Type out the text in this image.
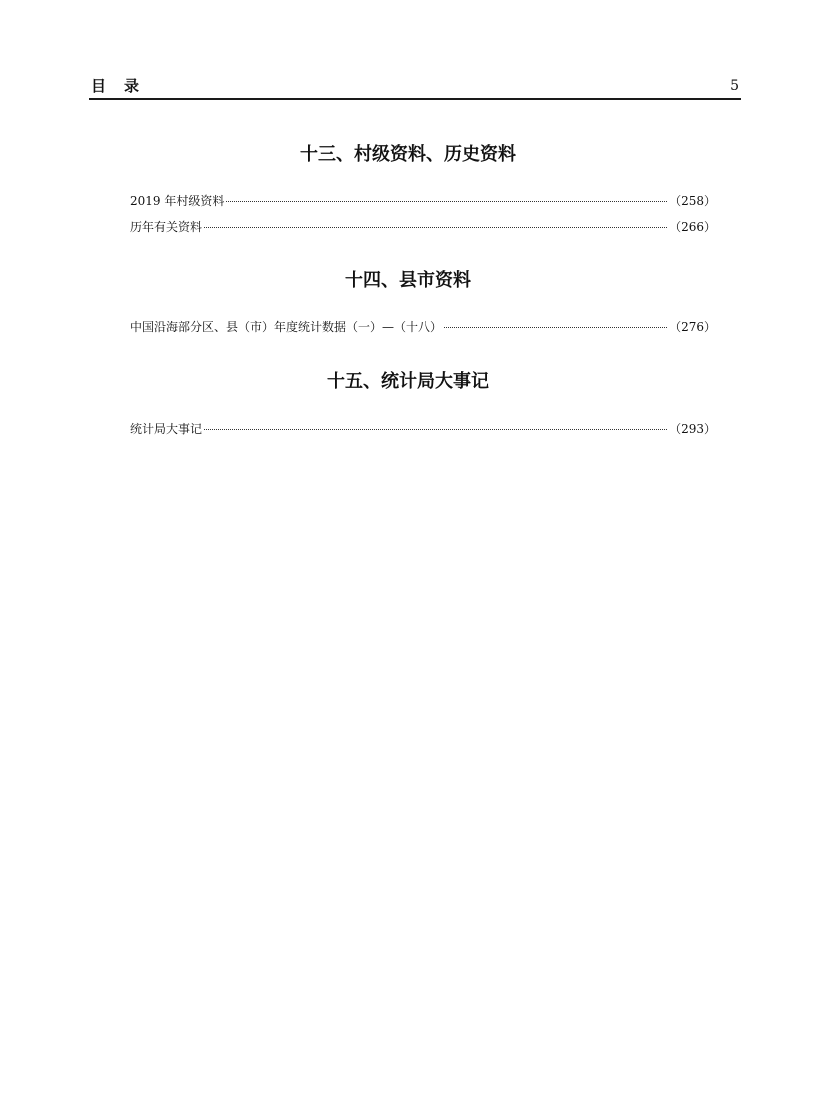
目录	5
十三、村级资料、历史资料
2019 年村级资料	（258）
历年有关资料	（266）
十四、县市资料
中国沿海部分区、县（市）年度统计数据（一）—（十八）	（276）
十五、统计局大事记
统计局大事记	（293）
